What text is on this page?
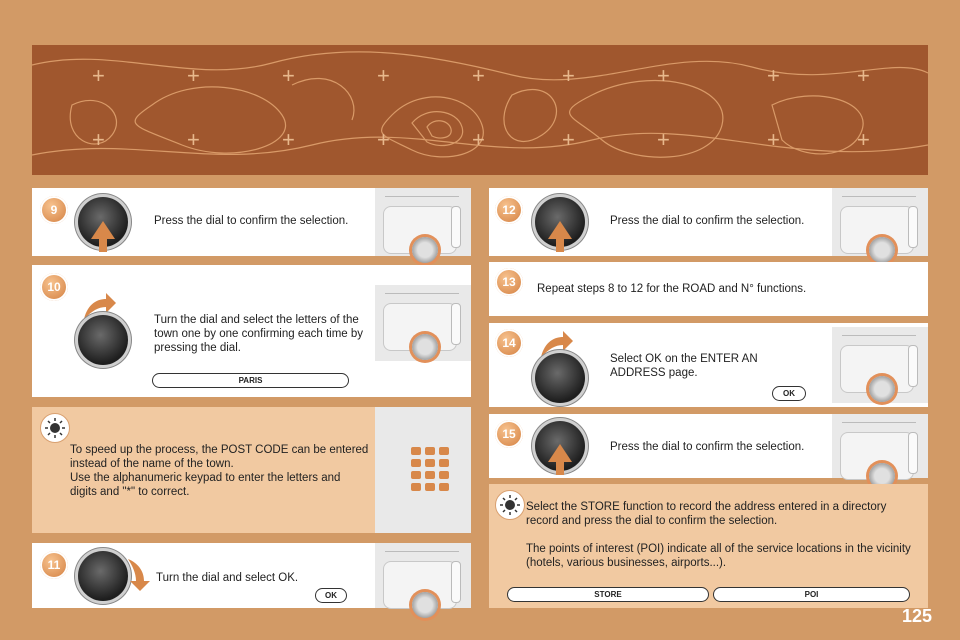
+	+	+	+	+	+	+	+	+
+	+	+	+	+	+	+	+	+
9
Press the dial to confirm the selection.
10
Turn the dial and select the letters of the town one by one confirming each time by pressing the dial.
PARIS
To speed up the process, the POST CODE can be entered instead of the name of the town.
Use the alphanumeric keypad to enter the letters and digits and "*" to correct.
11
Turn the dial and select OK.
OK
12
Press the dial to confirm the selection.
13	Repeat steps 8 to 12 for the ROAD and N° functions.
14
Select OK on the ENTER AN ADDRESS page.
OK
15
Press the dial to confirm the selection.
Select the STORE function to record the address entered in a directory record and press the dial to confirm the selection.

The points of interest (POI) indicate all of the service locations in the vicinity (hotels, various businesses, airports...).
STORE	POI
125
